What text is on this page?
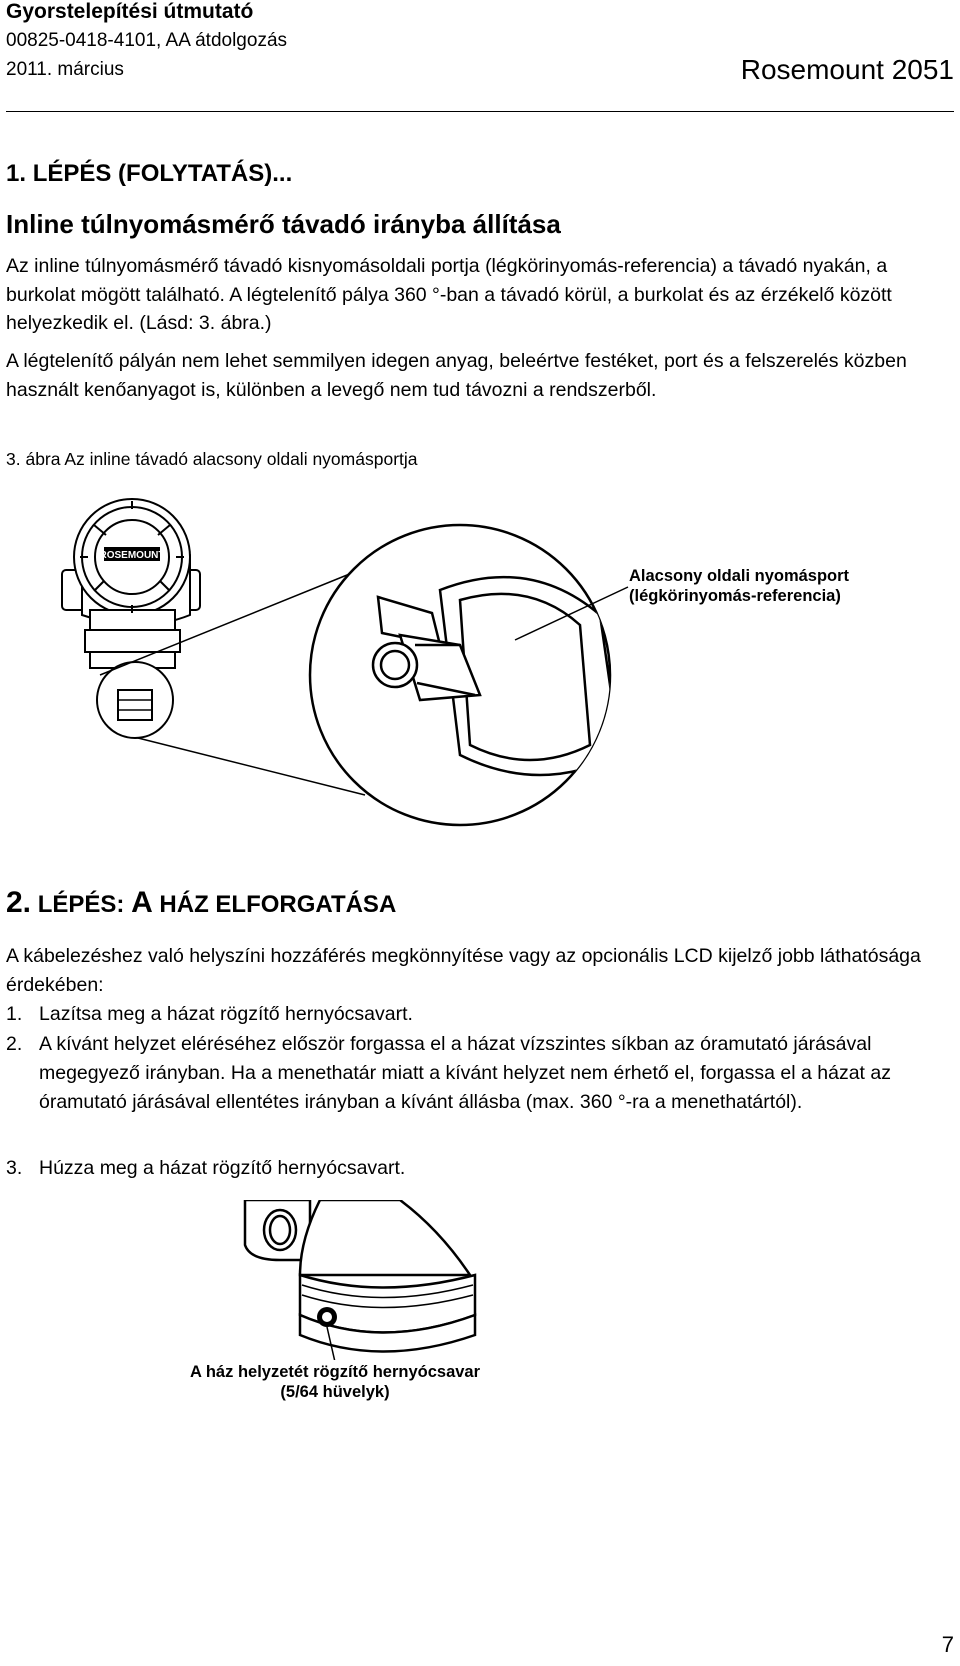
Gyorstelepítési útmutató
00825-0418-4101, AA átdolgozás
2011. március	Rosemount 2051
1. LÉPÉS (FOLYTATÁS)...
Inline túlnyomásmérő távadó irányba állítása
Az inline túlnyomásmérő távadó kisnyomásoldali portja (légkörinyomás-referencia) a távadó nyakán, a burkolat mögött található. A légtelenítő pálya 360 °-ban a távadó körül, a burkolat és az érzékelő között helyezkedik el. (Lásd: 3. ábra.)
A légtelenítő pályán nem lehet semmilyen idegen anyag, beleértve festéket, port és a felszerelés közben használt kenőanyagot is, különben a levegő nem tud távozni a rendszerből.
3. ábra Az inline távadó alacsony oldali nyomásportja
ROSEMOUNT
Alacsony oldali nyomásport
(légkörinyomás-referencia)
2. LÉPÉS: A HÁZ ELFORGATÁSA
A kábelezéshez való helyszíni hozzáférés megkönnyítése vagy az opcionális LCD kijelző jobb láthatósága érdekében:
1. Lazítsa meg a házat rögzítő hernyócsavart.
2. A kívánt helyzet eléréséhez először forgassa el a házat vízszintes síkban az óramutató járásával megegyező irányban. Ha a menethatár miatt a kívánt helyzet nem érhető el, forgassa el a házat az óramutató járásával ellentétes irányban a kívánt állásba (max. 360 °-ra a menethatártól).
3. Húzza meg a házat rögzítő hernyócsavart.
A ház helyzetét rögzítő hernyócsavar
(5/64 hüvelyk)
7
